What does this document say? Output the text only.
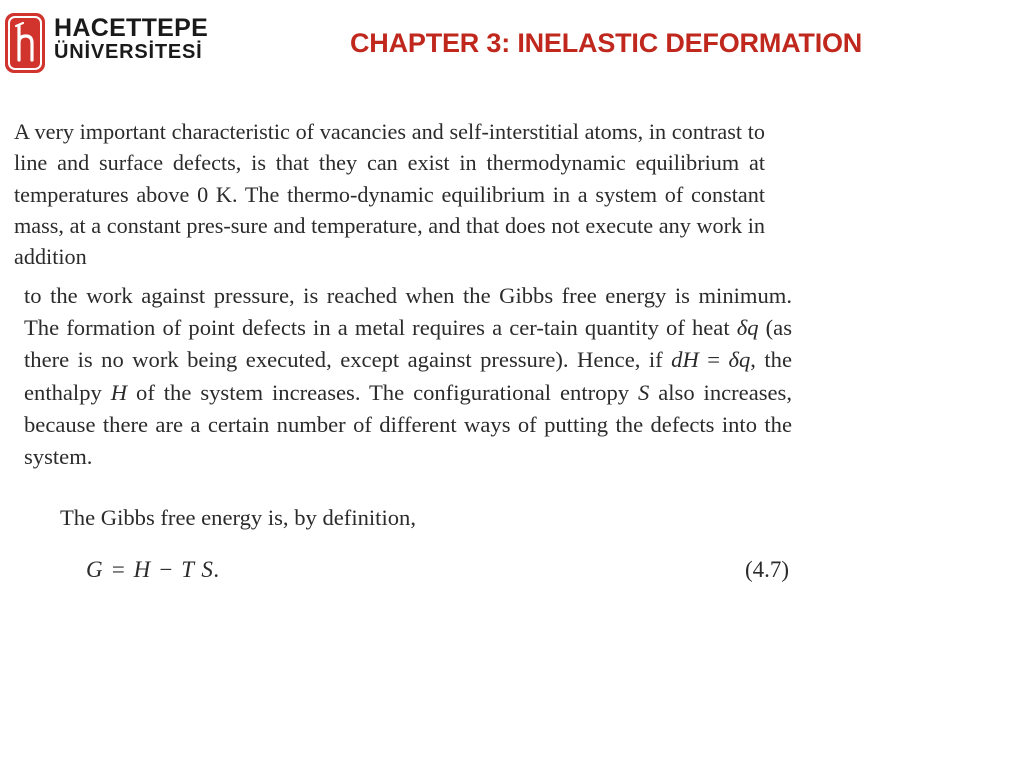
HACETTEPE
ÜNİVERSİTESİ	CHAPTER 3: INELASTIC DEFORMATION
A very important characteristic of vacancies and self-interstitial atoms, in contrast to line and surface defects, is that they can exist in thermodynamic equilibrium at temperatures above 0 K. The thermo-dynamic equilibrium in a system of constant mass, at a constant pres-sure and temperature, and that does not execute any work in addition
to the work against pressure, is reached when the Gibbs free energy is minimum. The formation of point defects in a metal requires a cer-tain quantity of heat δq (as there is no work being executed, except against pressure). Hence, if dH = δq, the enthalpy H of the system increases. The configurational entropy S also increases, because there are a certain number of different ways of putting the defects into the system.
The Gibbs free energy is, by definition,
G = H − T S.	(4.7)
